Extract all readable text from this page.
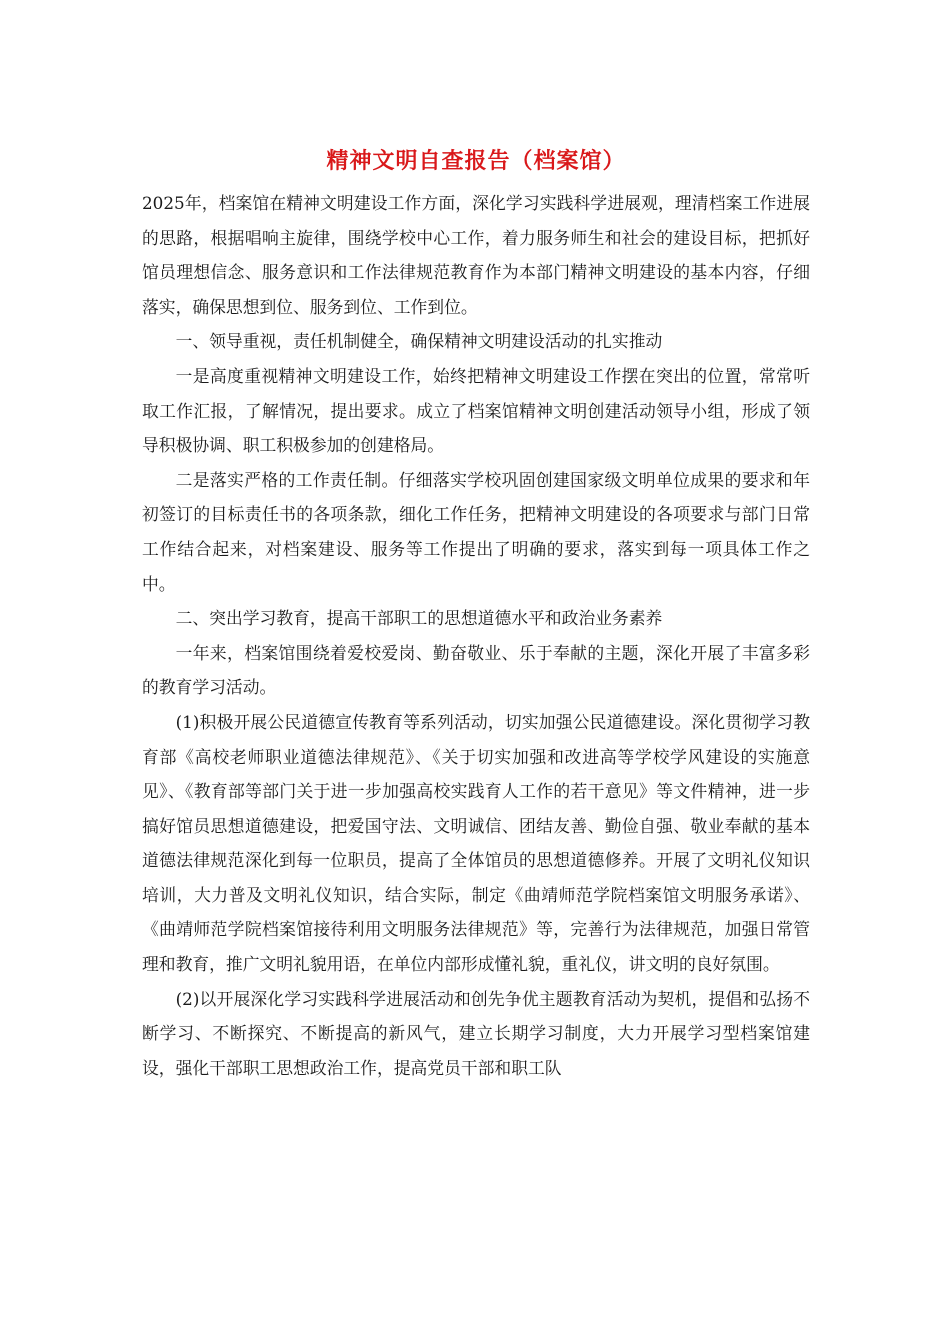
精神文明自查报告（档案馆）

2025年，档案馆在精神文明建设工作方面，深化学习实践科学进展观，理清档案工作进展的思路，根据唱响主旋律，围绕学校中心工作，着力服务师生和社会的建设目标，把抓好馆员理想信念、服务意识和工作法律规范教育作为本部门精神文明建设的基本内容，仔细落实，确保思想到位、服务到位、工作到位。

一、领导重视，责任机制健全，确保精神文明建设活动的扎实推动

一是高度重视精神文明建设工作，始终把精神文明建设工作摆在突出的位置，常常听取工作汇报，了解情况，提出要求。成立了档案馆精神文明创建活动领导小组，形成了领导积极协调、职工积极参加的创建格局。

二是落实严格的工作责任制。仔细落实学校巩固创建国家级文明单位成果的要求和年初签订的目标责任书的各项条款，细化工作任务，把精神文明建设的各项要求与部门日常工作结合起来，对档案建设、服务等工作提出了明确的要求，落实到每一项具体工作之中。

二、突出学习教育，提高干部职工的思想道德水平和政治业务素养

一年来，档案馆围绕着爱校爱岗、勤奋敬业、乐于奉献的主题，深化开展了丰富多彩的教育学习活动。

(1)积极开展公民道德宣传教育等系列活动，切实加强公民道德建设。深化贯彻学习教育部《高校老师职业道德法律规范》、《关于切实加强和改进高等学校学风建设的实施意见》、《教育部等部门关于进一步加强高校实践育人工作的若干意见》等文件精神，进一步搞好馆员思想道德建设，把爱国守法、文明诚信、团结友善、勤俭自强、敬业奉献的基本道德法律规范深化到每一位职员，提高了全体馆员的思想道德修养。开展了文明礼仪知识培训，大力普及文明礼仪知识，结合实际，制定《曲靖师范学院档案馆文明服务承诺》、《曲靖师范学院档案馆接待利用文明服务法律规范》等，完善行为法律规范，加强日常管理和教育，推广文明礼貌用语，在单位内部形成懂礼貌，重礼仪，讲文明的良好氛围。

(2)以开展深化学习实践科学进展活动和创先争优主题教育活动为契机，提倡和弘扬不断学习、不断探究、不断提高的新风气，建立长期学习制度，大力开展学习型档案馆建设，强化干部职工思想政治工作，提高党员干部和职工队
